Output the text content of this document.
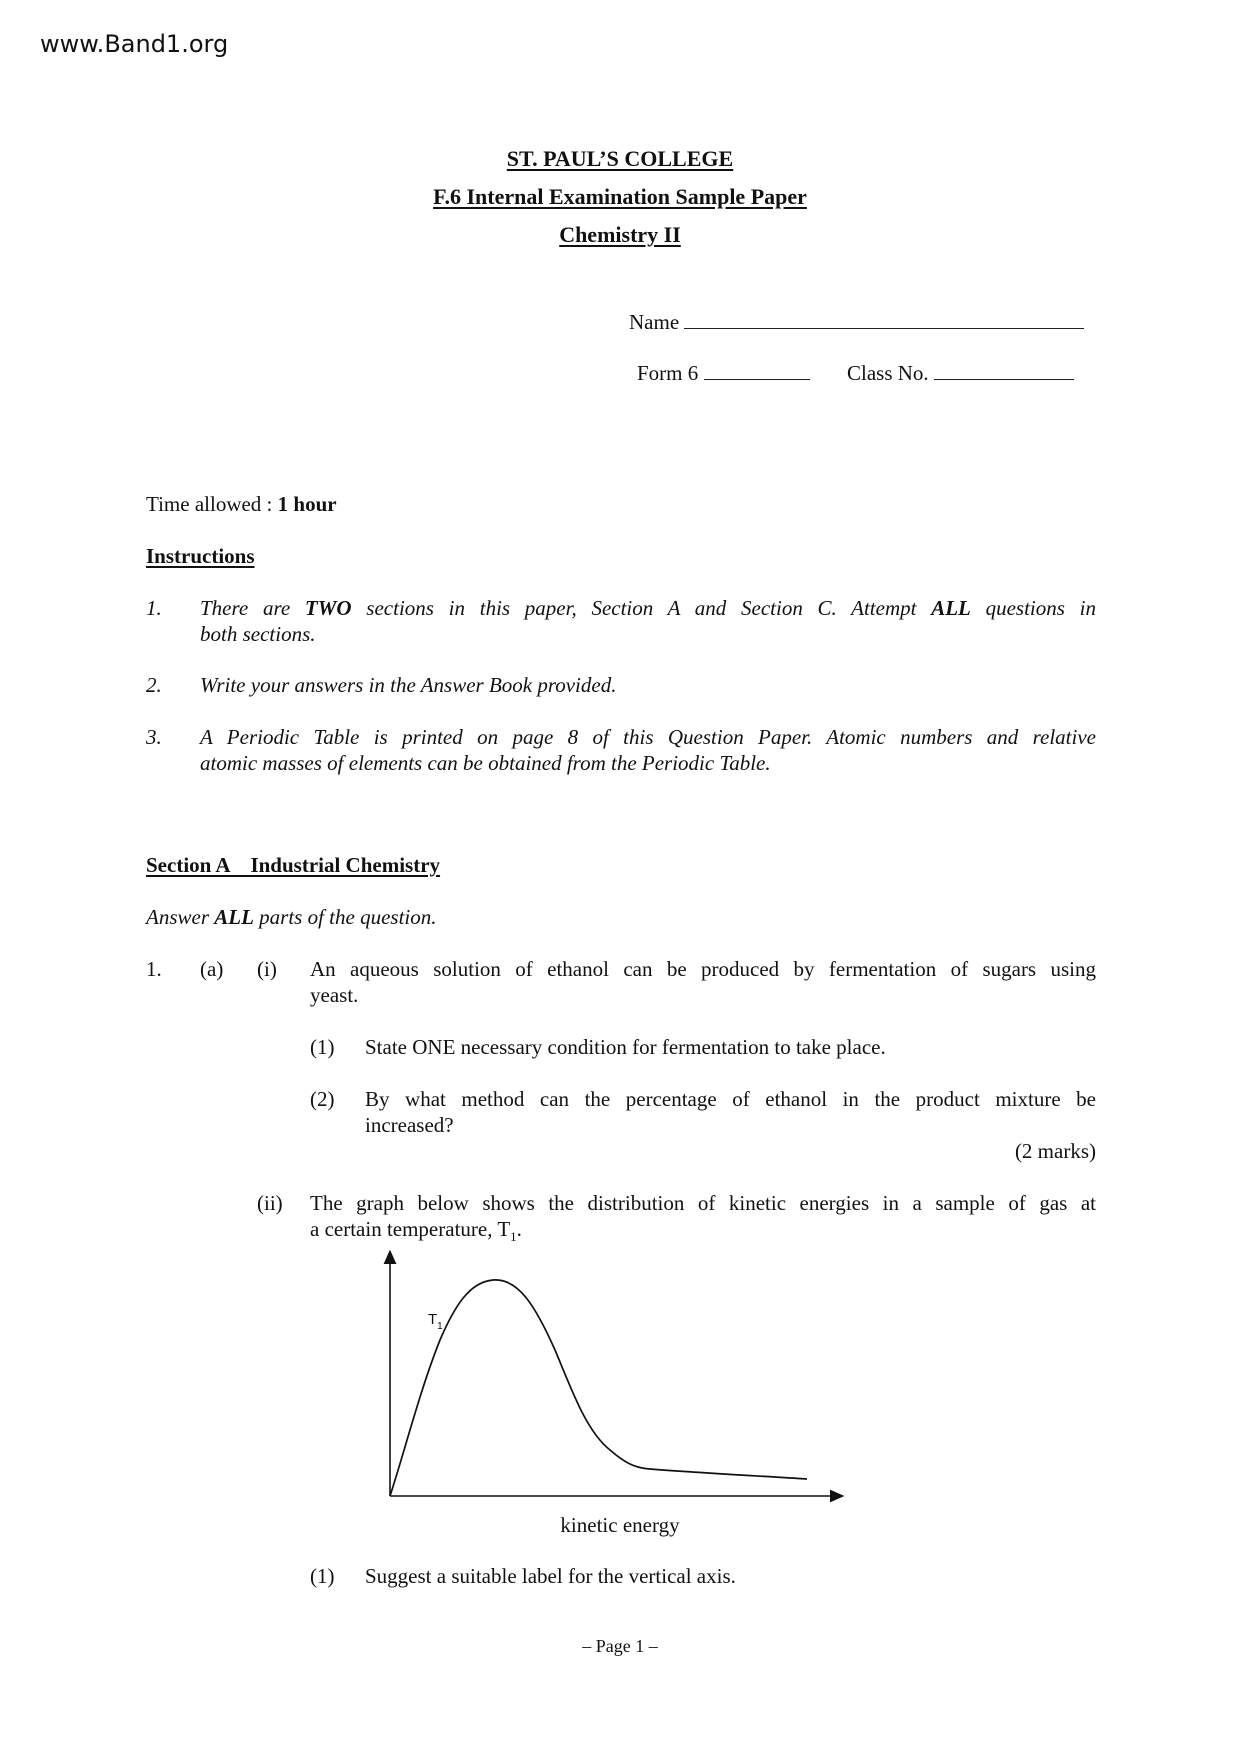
www.Band1.org
ST. PAUL’S COLLEGE
F.6 Internal Examination Sample Paper
Chemistry II
Name
Form 6	Class No.
Time allowed : 1 hour
Instructions
1. There are TWO sections in this paper, Section A and Section C. Attempt ALL questions in
both sections.
2. Write your answers in the Answer Book provided.
3. A Periodic Table is printed on page 8 of this Question Paper. Atomic numbers and relative
atomic masses of elements can be obtained from the Periodic Table.
Section A Industrial Chemistry
Answer ALL parts of the question.
1. (a) (i) An aqueous solution of ethanol can be produced by fermentation of sugars using
yeast.
(1) State ONE necessary condition for fermentation to take place.
(2) By what method can the percentage of ethanol in the product mixture be
increased?
(2 marks)
(ii) The graph below shows the distribution of kinetic energies in a sample of gas at
a certain temperature, $T_1$.
$T_1$
kinetic energy
(1) Suggest a suitable label for the vertical axis.
– Page 1 –
